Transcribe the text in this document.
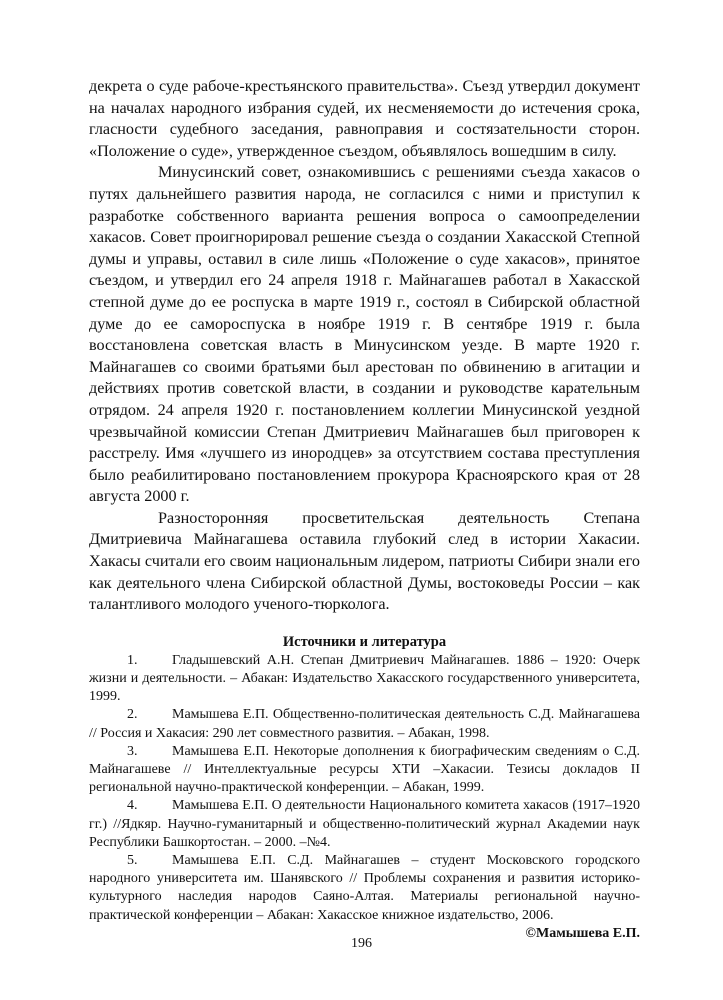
декрета о суде рабоче-крестьянского правительства». Съезд утвердил документ на началах народного избрания судей, их несменяемости до истечения срока, гласности судебного заседания, равноправия и состязательности сторон. «Положение о суде», утвержденное съездом, объявлялось вошедшим в силу.

Минусинский совет, ознакомившись с решениями съезда хакасов о путях дальнейшего развития народа, не согласился с ними и приступил к разработке собственного варианта решения вопроса о самоопределении хакасов. Совет проигнорировал решение съезда о создании Хакасской Степной думы и управы, оставил в силе лишь «Положение о суде хакасов», принятое съездом, и утвердил его 24 апреля 1918 г. Майнагашев работал в Хакасской степной думе до ее роспуска в марте 1919 г., состоял в Сибирской областной думе до ее самороспуска в ноябре 1919 г. В сентябре 1919 г. была восстановлена советская власть в Минусинском уезде. В марте 1920 г. Майнагашев со своими братьями был арестован по обвинению в агитации и действиях против советской власти, в создании и руководстве карательным отрядом. 24 апреля 1920 г. постановлением коллегии Минусинской уездной чрезвычайной комиссии Степан Дмитриевич Майнагашев был приговорен к расстрелу. Имя «лучшего из инородцев» за отсутствием состава преступления было реабилитировано постановлением прокурора Красноярского края от 28 августа 2000 г.

Разносторонняя просветительская деятельность Степана Дмитриевича Майнагашева оставила глубокий след в истории Хакасии. Хакасы считали его своим национальным лидером, патриоты Сибири знали его как деятельного члена Сибирской областной Думы, востоковеды России – как талантливого молодого ученого-тюрколога.

Источники и литература

1. Гладышевский А.Н. Степан Дмитриевич Майнагашев. 1886 – 1920: Очерк жизни и деятельности. – Абакан: Издательство Хакасского государственного университета, 1999.

2. Мамышева Е.П. Общественно-политическая деятельность С.Д. Майнагашева // Россия и Хакасия: 290 лет совместного развития. – Абакан, 1998.

3. Мамышева Е.П. Некоторые дополнения к биографическим сведениям о С.Д. Майнагашеве // Интеллектуальные ресурсы ХТИ –Хакасии. Тезисы докладов II региональной научно-практической конференции. – Абакан, 1999.

4. Мамышева Е.П. О деятельности Национального комитета хакасов (1917–1920 гг.) //Ядкяр. Научно-гуманитарный и общественно-политический журнал Академии наук Республики Башкортостан. – 2000. –№4.

5. Мамышева Е.П. С.Д. Майнагашев – студент Московского городского народного университета им. Шанявского // Проблемы сохранения и развития историко-культурного наследия народов Саяно-Алтая. Материалы региональной научно-практической конференции – Абакан: Хакасское книжное издательство, 2006.

©Мамышева Е.П.
196
